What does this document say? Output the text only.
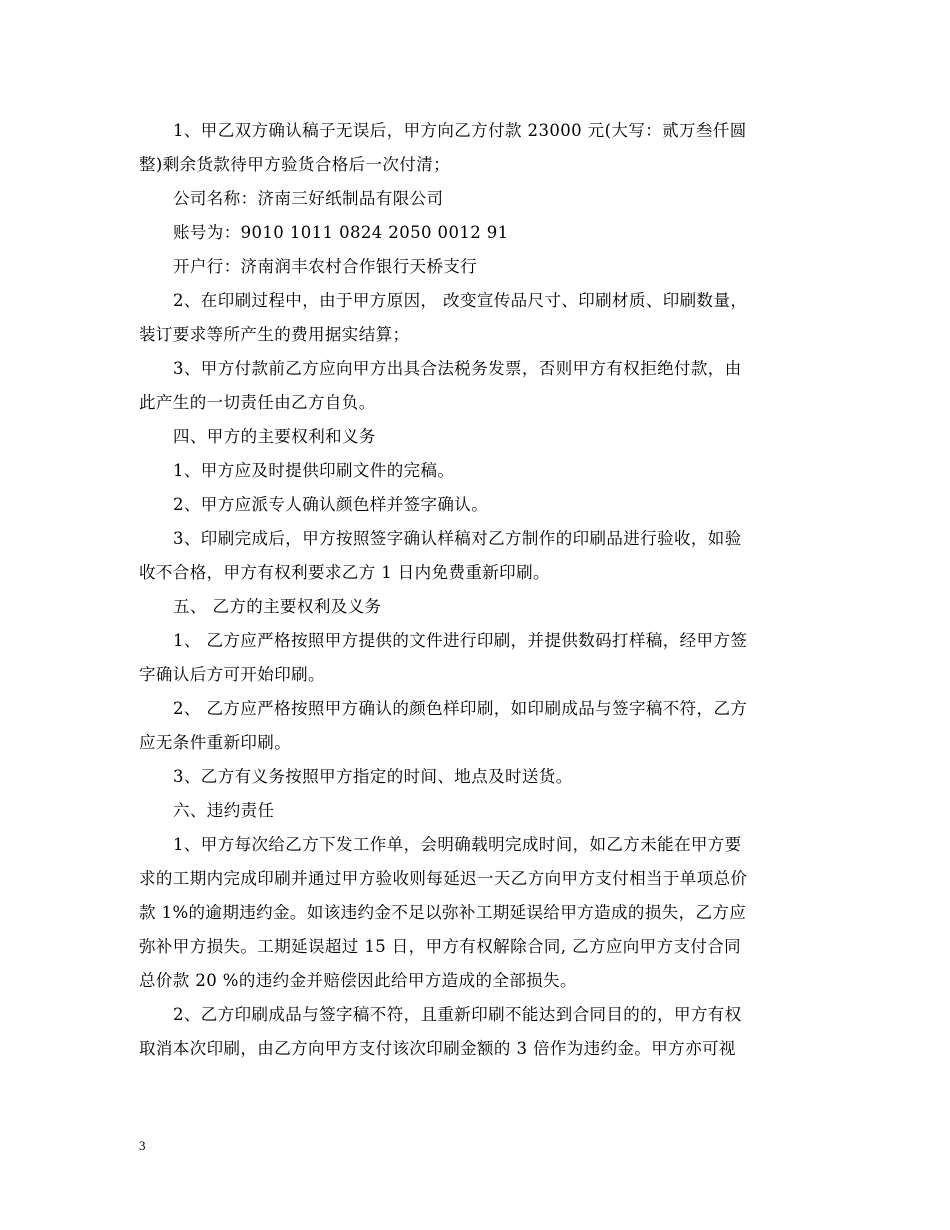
1、甲乙双方确认稿子无误后，甲方向乙方付款 23000 元(大写：贰万叁仟圆
整)剩余货款待甲方验货合格后一次付清；
公司名称：济南三好纸制品有限公司
账号为：9010 1011 0824 2050 0012 91
开户行：济南润丰农村合作银行天桥支行
2、在印刷过程中，由于甲方原因， 改变宣传品尺寸、印刷材质、印刷数量，
装订要求等所产生的费用据实结算；
3、甲方付款前乙方应向甲方出具合法税务发票，否则甲方有权拒绝付款，由
此产生的一切责任由乙方自负。
四、甲方的主要权利和义务
1、甲方应及时提供印刷文件的完稿。
2、甲方应派专人确认颜色样并签字确认。
3、印刷完成后，甲方按照签字确认样稿对乙方制作的印刷品进行验收，如验
收不合格，甲方有权利要求乙方 1 日内免费重新印刷。
五、 乙方的主要权利及义务
1、 乙方应严格按照甲方提供的文件进行印刷，并提供数码打样稿，经甲方签
字确认后方可开始印刷。
2、 乙方应严格按照甲方确认的颜色样印刷，如印刷成品与签字稿不符，乙方
应无条件重新印刷。
3、乙方有义务按照甲方指定的时间、地点及时送货。
六、违约责任
1、甲方每次给乙方下发工作单，会明确载明完成时间，如乙方未能在甲方要
求的工期内完成印刷并通过甲方验收则每延迟一天乙方向甲方支付相当于单项总价
款 1%的逾期违约金。如该违约金不足以弥补工期延误给甲方造成的损失，乙方应
弥补甲方损失。工期延误超过 15 日，甲方有权解除合同, 乙方应向甲方支付合同
总价款 20 %的违约金并赔偿因此给甲方造成的全部损失。
2、乙方印刷成品与签字稿不符，且重新印刷不能达到合同目的的，甲方有权
取消本次印刷，由乙方向甲方支付该次印刷金额的 3 倍作为违约金。甲方亦可视
3
